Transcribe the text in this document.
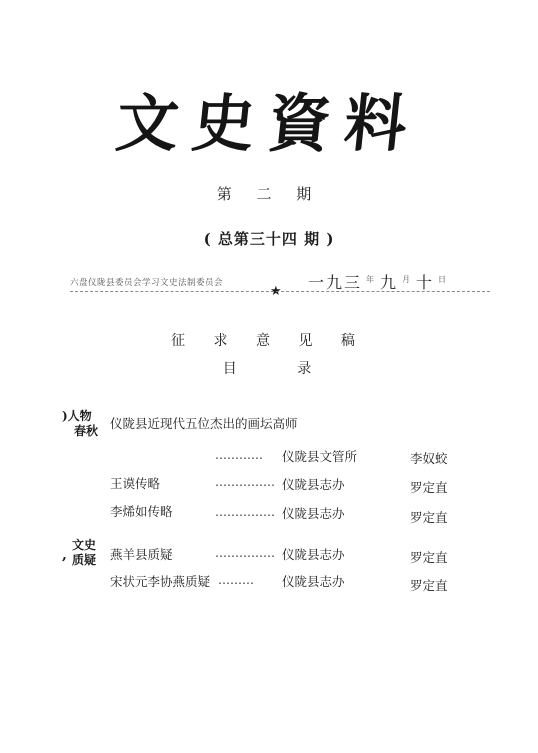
文史資料
第 二 期
( 总第三十四 期 )
六盘仪陇县委员会学习文史法制委员会
★ 一九三 $^年$ 九 $^月$ 十 $^日$
征 求 意 见 稿
目 录
)人物
春秋 仪陇县近现代五位杰出的画坛高师
………… 仪陇县文管所	李奴蛟
王谟传略	…………… 仪陇县志办	罗定直
李烯如传略	…………… 仪陇县志办	罗定直
文史
质疑
,	燕羊县质疑	…………… 仪陇县志办	罗定直
宋状元李协燕质疑 ……… 仪陇县志办	罗定直
